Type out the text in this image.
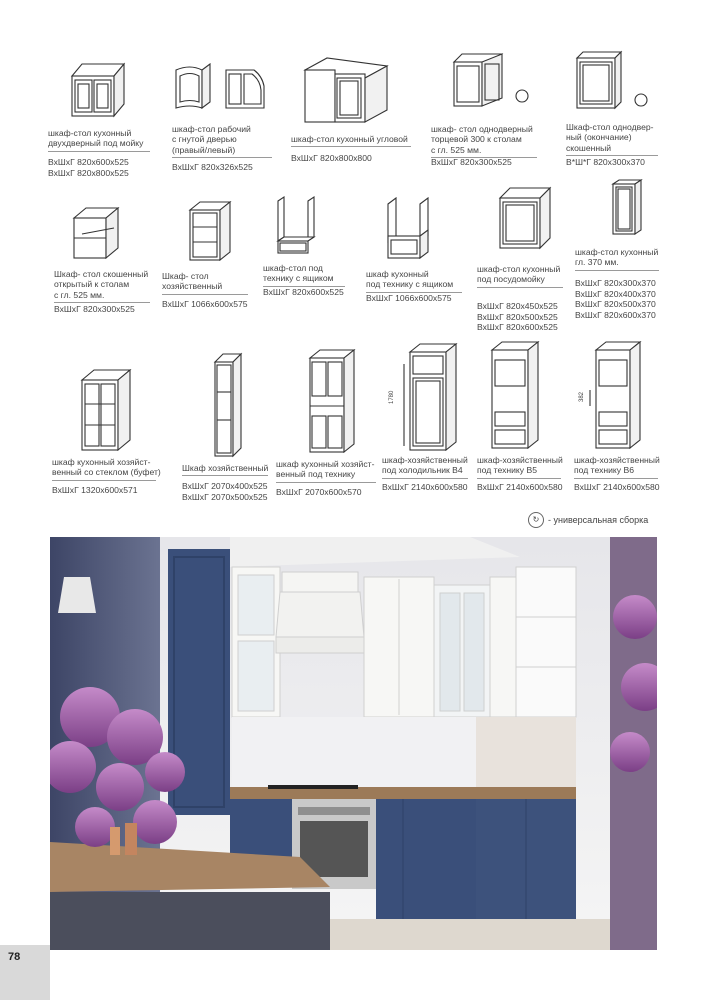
шкаф-стол кухонный
двухдверный под мойку
ВхШхГ 820х600х525
ВхШхГ 820х800х525
шкаф-стол рабочий
с гнутой дверью
(правый/левый)
ВхШхГ 820х326х525
шкаф-стол кухонный угловой
ВхШхГ 820х800х800
шкаф- стол однодверный
торцевой 300 к столам
с гл. 525 мм.
ВхШхГ 820х300х525
Шкаф-стол однодвер-
ный (окончание)
скошенный
В*Ш*Г 820х300х370
Шкаф- стол скошенный
открытый к столам
с гл. 525 мм.
ВхШхГ 820х300х525
Шкаф- стол
хозяйственный
ВхШхГ 1066х600х575
шкаф-стол под
технику с ящиком
ВхШхГ 820х600х525
шкаф кухонный
под технику с ящиком
ВхШхГ 1066х600х575
шкаф-стол кухонный
под посудомойку
ВхШхГ 820х450х525
ВхШхГ 820х500х525
ВхШхГ 820х600х525
шкаф-стол кухонный
гл. 370 мм.
ВхШхГ 820х300х370
ВхШхГ 820х400х370
ВхШхГ 820х500х370
ВхШхГ 820х600х370
1780	382
шкаф кухонный хозяйст-
венный со стеклом (буфет)
ВхШхГ 1320х600х571
Шкаф хозяйственный
ВхШхГ 2070х400х525
ВхШхГ 2070х500х525
шкаф кухонный хозяйст-
венный под технику
ВхШхГ 2070х600х570
шкаф-хозяйственный
под холодильник В4
ВхШхГ 2140х600х580
шкаф-хозяйственный
под технику В5
ВхШхГ 2140х600х580
шкаф-хозяйственный
под технику В6
ВхШхГ 2140х600х580
↻ - универсальная сборка
78
